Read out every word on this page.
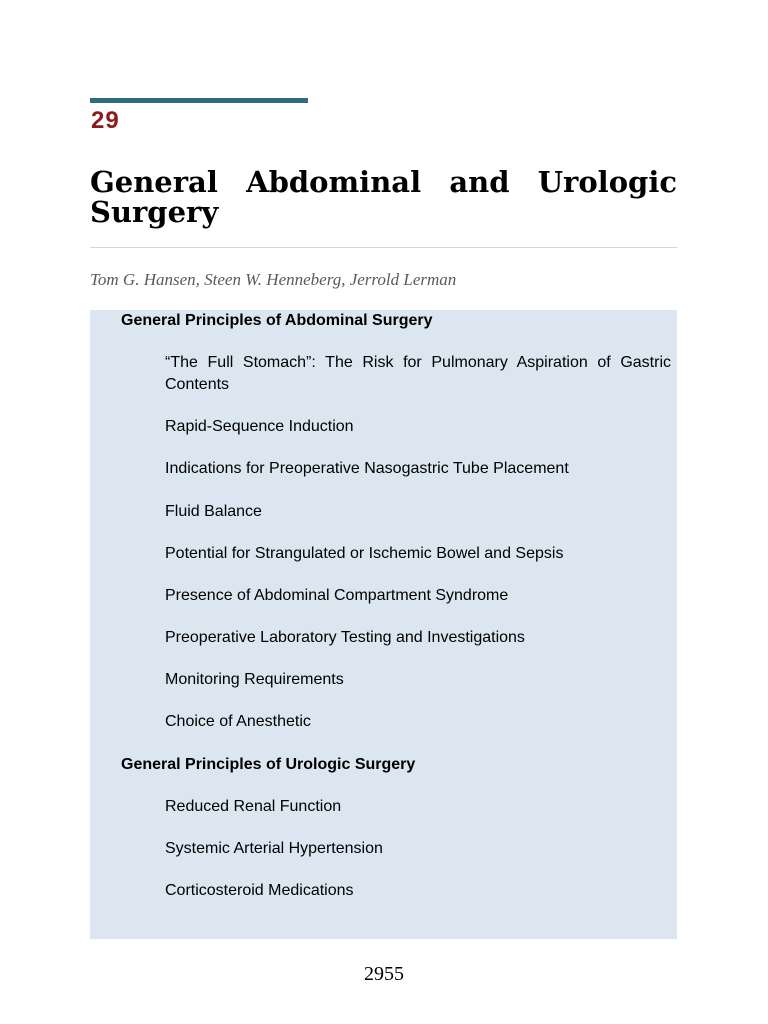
29
General Abdominal and Urologic Surgery
Tom G. Hansen, Steen W. Henneberg, Jerrold Lerman
General Principles of Abdominal Surgery
“The Full Stomach”: The Risk for Pulmonary Aspiration of Gastric Contents
Rapid-Sequence Induction
Indications for Preoperative Nasogastric Tube Placement
Fluid Balance
Potential for Strangulated or Ischemic Bowel and Sepsis
Presence of Abdominal Compartment Syndrome
Preoperative Laboratory Testing and Investigations
Monitoring Requirements
Choice of Anesthetic
General Principles of Urologic Surgery
Reduced Renal Function
Systemic Arterial Hypertension
Corticosteroid Medications
2955
